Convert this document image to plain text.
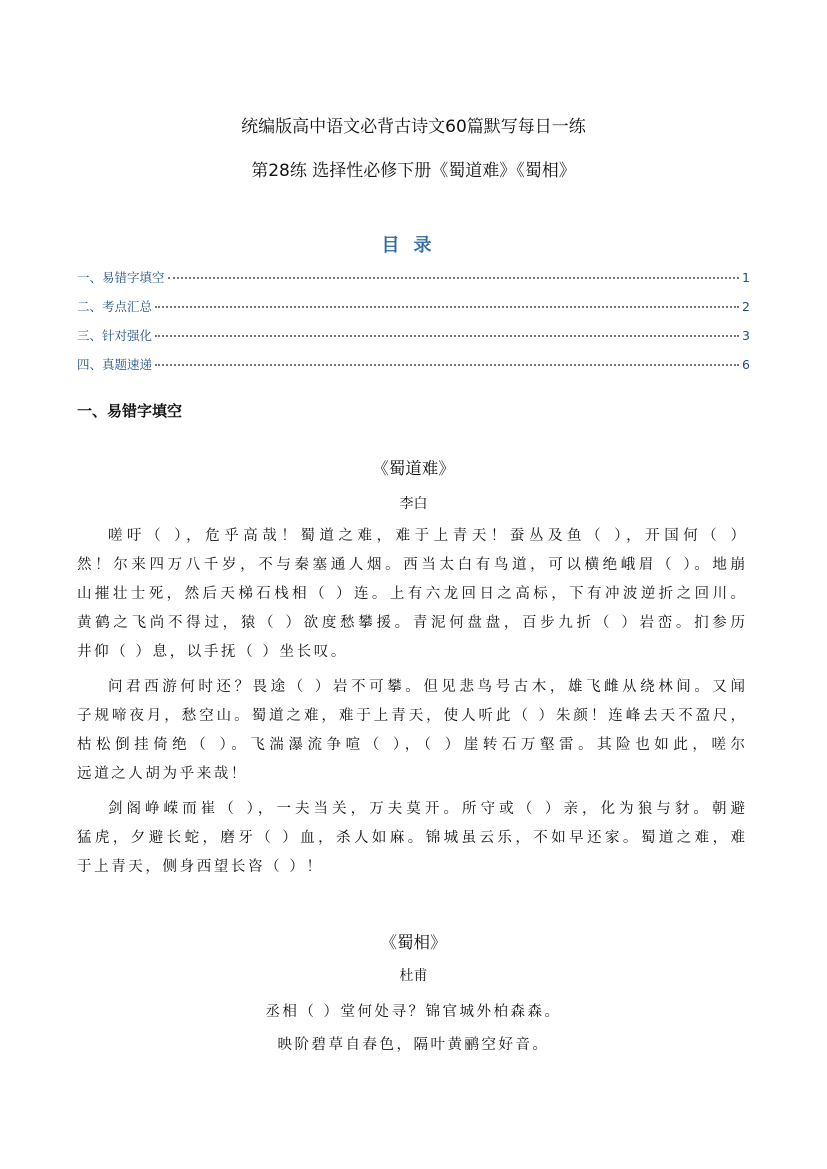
统编版高中语文必背古诗文60篇默写每日一练
第28练 选择性必修下册《蜀道难》《蜀相》
目录
一、易错字填空	1
二、考点汇总	2
三、针对强化	3
四、真题速递	6
一、易错字填空
《蜀道难》
李白
嗟吁（ ），危乎高哉！蜀道之难，难于上青天！蚕丛及鱼（ ），开国何（ ）
然！尔来四万八千岁，不与秦塞通人烟。西当太白有鸟道，可以横绝峨眉（ ）。地崩
山摧壮士死，然后天梯石栈相（ ）连。上有六龙回日之高标，下有冲波逆折之回川。
黄鹤之飞尚不得过，猿（ ）欲度愁攀援。青泥何盘盘，百步九折（ ）岩峦。扪参历
井仰（ ）息，以手抚（ ）坐长叹。
问君西游何时还？畏途（ ）岩不可攀。但见悲鸟号古木，雄飞雌从绕林间。又闻
子规啼夜月，愁空山。蜀道之难，难于上青天，使人听此（ ）朱颜！连峰去天不盈尺，
枯松倒挂倚绝（ ）。飞湍瀑流争喧（ ），（ ）崖转石万壑雷。其险也如此，嗟尔
远道之人胡为乎来哉！
剑阁峥嵘而崔（ ），一夫当关，万夫莫开。所守或（ ）亲，化为狼与豺。朝避
猛虎，夕避长蛇，磨牙（ ）血，杀人如麻。锦城虽云乐，不如早还家。蜀道之难，难
于上青天，侧身西望长咨（ ）！
《蜀相》
杜甫
丞相（ ）堂何处寻？锦官城外柏森森。
映阶碧草自春色，隔叶黄鹂空好音。
